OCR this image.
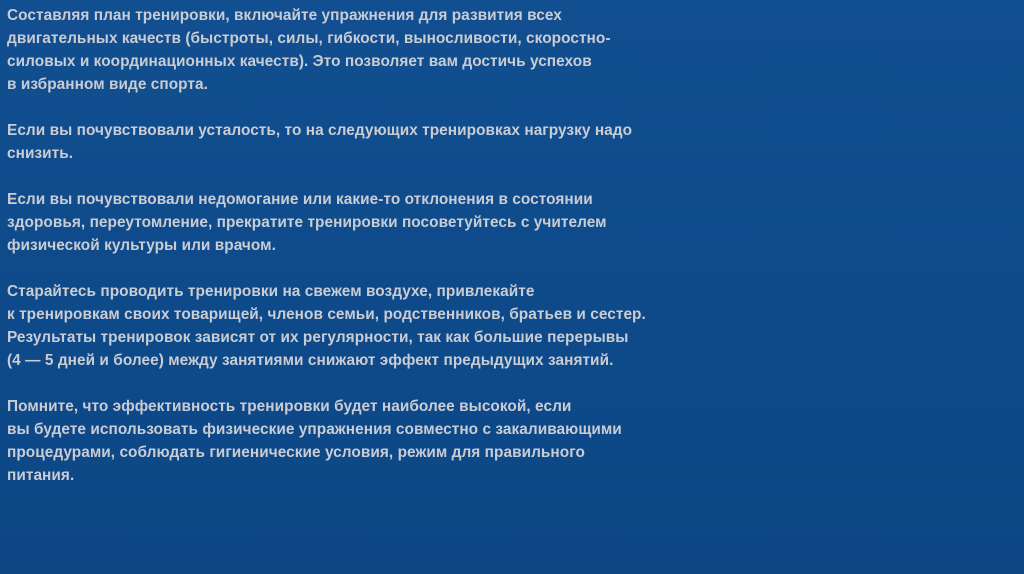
Составляя план тренировки, включайте упражнения для развития всех
двигательных качеств (быстроты, силы, гибкости, выносливости, скоростно-
силовых и координационных качеств). Это позволяет вам достичь успехов
в избранном виде спорта.

Если вы почувствовали усталость, то на следующих тренировках нагрузку надо
снизить.

Если вы почувствовали недомогание или какие-то отклонения в состоянии
здоровья, переутомление, прекратите тренировки посоветуйтесь с учителем
физической культуры или врачом.

Старайтесь проводить тренировки на свежем воздухе, привлекайте
к тренировкам своих товарищей, членов семьи, родственников, братьев и сестер.
Результаты тренировок зависят от их регулярности, так как большие перерывы
(4 — 5 дней и более) между занятиями снижают эффект предыдущих занятий.

Помните, что эффективность тренировки будет наиболее высокой, если
вы будете использовать физические упражнения совместно с закаливающими
процедурами, соблюдать гигиенические условия, режим для правильного
питания.
